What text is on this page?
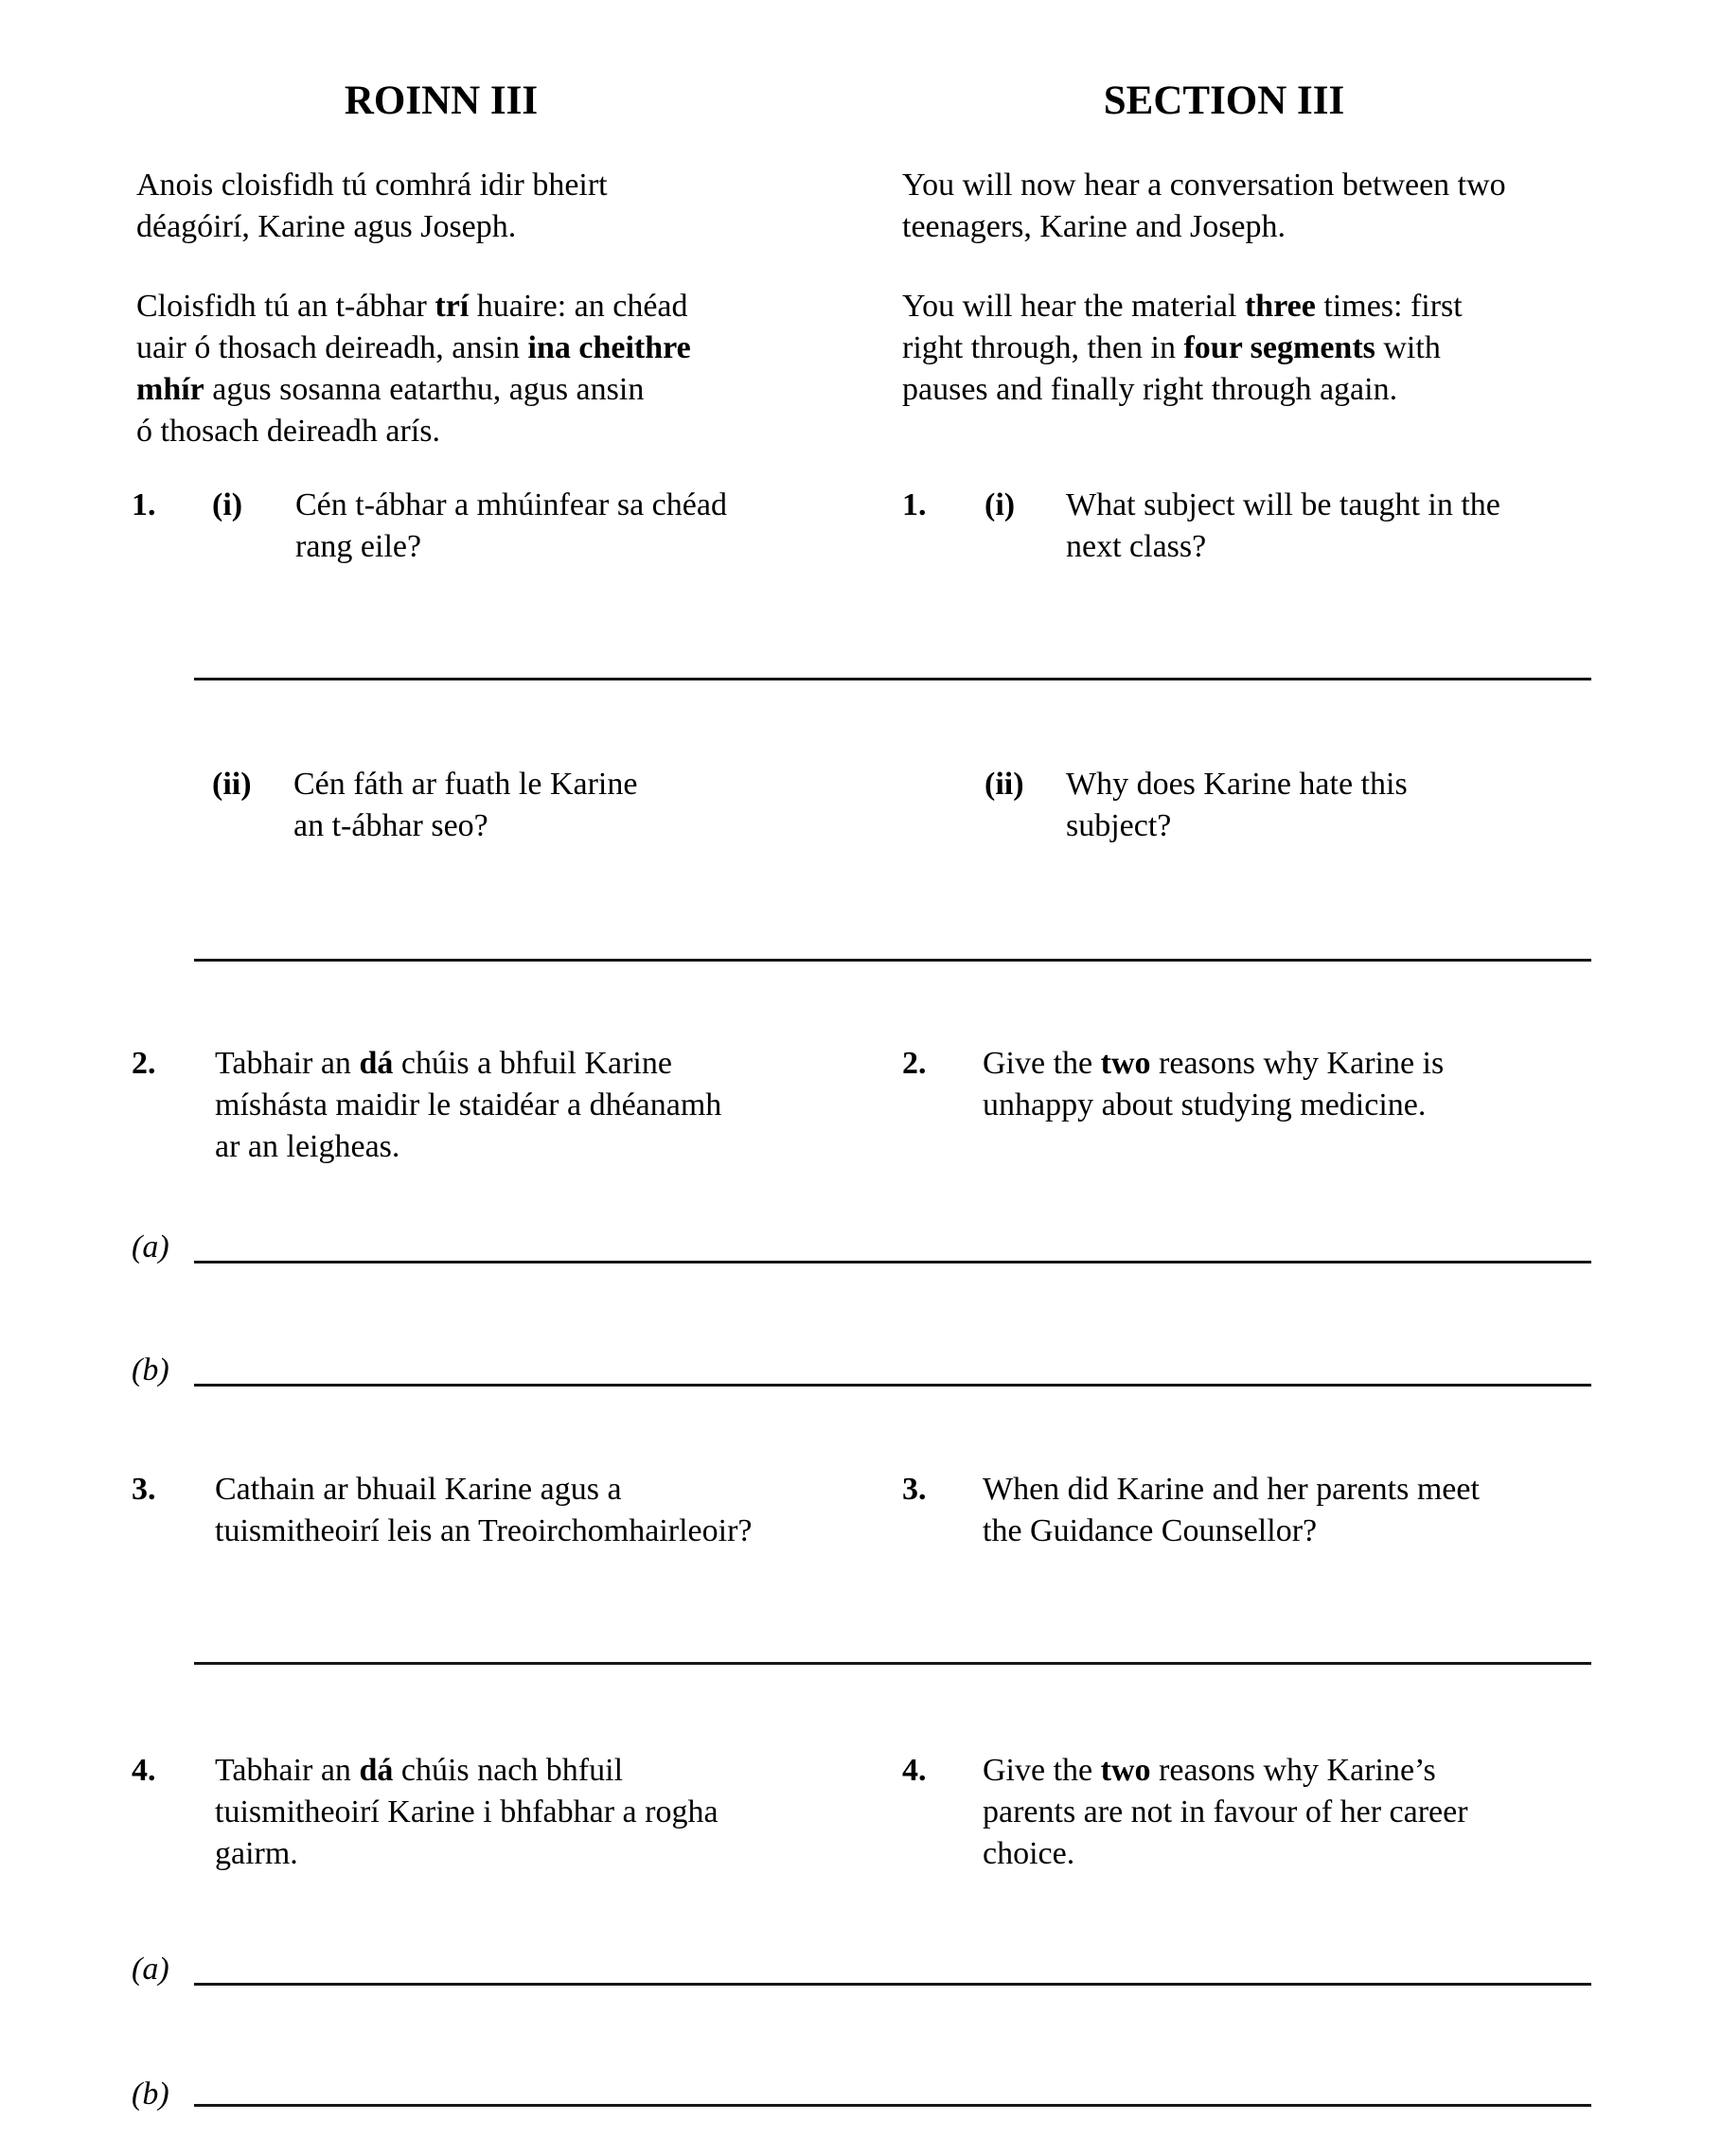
ROINN III	SECTION III
Anois cloisfidh tú comhrá idir bheirt
déagóirí, Karine agus Joseph.
You will now hear a conversation between two
teenagers, Karine and Joseph.
Cloisfidh tú an t-ábhar trí huaire: an chéad
uair ó thosach deireadh, ansin ina cheithre
mhír agus sosanna eatarthu, agus ansin
ó thosach deireadh arís.
You will hear the material three times: first
right through, then in four segments with
pauses and finally right through again.
1. (i) Cén t-ábhar a mhúinfear sa chéad
rang eile?
1. (i) What subject will be taught in the
next class?
(ii) Cén fáth ar fuath le Karine
an t-ábhar seo?
(ii) Why does Karine hate this
subject?
2. Tabhair an dá chúis a bhfuil Karine
míshásta maidir le staidéar a dhéanamh
ar an leigheas.
2. Give the two reasons why Karine is
unhappy about studying medicine.
(a)
(b)
3. Cathain ar bhuail Karine agus a
tuismitheoirí leis an Treoirchomhairleoir?
3. When did Karine and her parents meet
the Guidance Counsellor?
4. Tabhair an dá chúis nach bhfuil
tuismitheoirí Karine i bhfabhar a rogha
gairm.
4. Give the two reasons why Karine’s
parents are not in favour of her career
choice.
(a)
(b)
